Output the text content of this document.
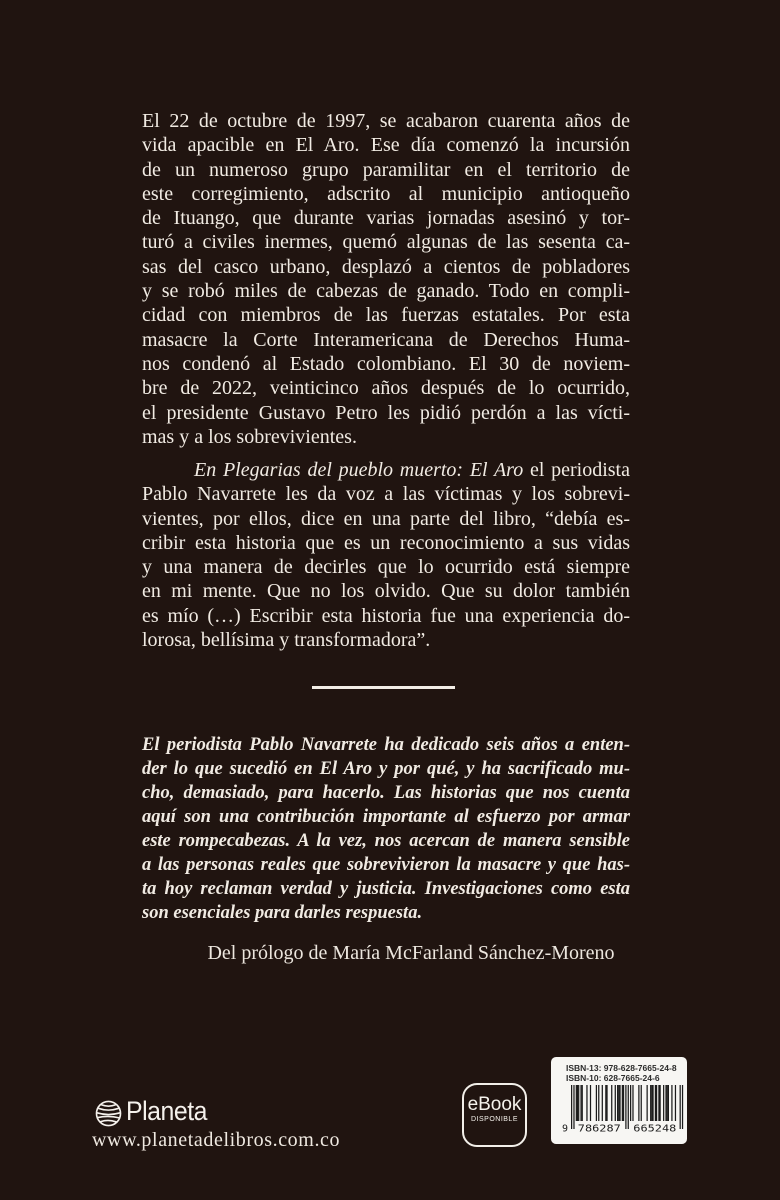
El 22 de octubre de 1997, se acabaron cuarenta años de
vida apacible en El Aro. Ese día comenzó la incursión
de un numeroso grupo paramilitar en el territorio de
este corregimiento, adscrito al municipio antioqueño
de Ituango, que durante varias jornadas asesinó y tor-
turó a civiles inermes, quemó algunas de las sesenta ca-
sas del casco urbano, desplazó a cientos de pobladores
y se robó miles de cabezas de ganado. Todo en compli-
cidad con miembros de las fuerzas estatales. Por esta
masacre la Corte Interamericana de Derechos Huma-
nos condenó al Estado colombiano. El 30 de noviem-
bre de 2022, veinticinco años después de lo ocurrido,
el presidente Gustavo Petro les pidió perdón a las vícti-
mas y a los sobrevivientes.
En Plegarias del pueblo muerto: El Aro el periodista
Pablo Navarrete les da voz a las víctimas y los sobrevi-
vientes, por ellos, dice en una parte del libro, “debía es-
cribir esta historia que es un reconocimiento a sus vidas
y una manera de decirles que lo ocurrido está siempre
en mi mente. Que no los olvido. Que su dolor también
es mío (…) Escribir esta historia fue una experiencia do-
lorosa, bellísima y transformadora”.
El periodista Pablo Navarrete ha dedicado seis años a enten-
der lo que sucedió en El Aro y por qué, y ha sacrificado mu-
cho, demasiado, para hacerlo. Las historias que nos cuenta
aquí son una contribución importante al esfuerzo por armar
este rompecabezas. A la vez, nos acercan de manera sensible
a las personas reales que sobrevivieron la masacre y que has-
ta hoy reclaman verdad y justicia. Investigaciones como esta
son esenciales para darles respuesta.
Del prólogo de María McFarland Sánchez-Moreno
Planeta
www.planetadelibros.com.co
eBook
DISPONIBLE
ISBN-13: 978-628-7665-24-8
ISBN-10: 628-7665-24-6
9 786287 665248
